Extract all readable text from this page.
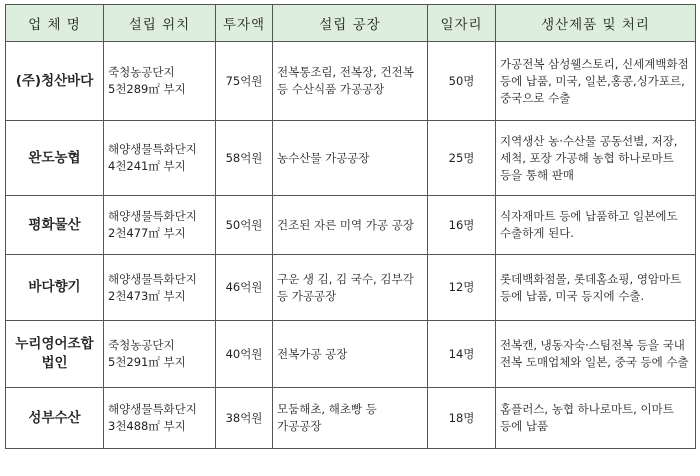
업 체 명	설립 위치	투자액	설립 공장	일자리	생산제품 및 처리
(주)청산바다	죽청농공단지 5천289㎡ 부지	75억원	전복통조림, 전복장, 건전복 등 수산식품 가공공장	50명	가공전복 삼성웰스토리, 신세계백화점 등에 납품, 미국, 일본,홍콩,싱가포르,중국으로 수출
완도농협	해양생물특화단지 4천241㎡ 부지	58억원	농수산물 가공공장	25명	지역생산 농·수산물 공동선별, 저장, 세척, 포장 가공해 농협 하나로마트 등을 통해 판매
평화물산	해양생물특화단지 2천477㎡ 부지	50억원	건조된 자른 미역 가공 공장	16명	식자재마트 등에 납품하고 일본에도 수출하게 된다.
바다향기	해양생물특화단지 2천473㎡ 부지	46억원	구운 생 김, 김 국수, 김부각 등 가공공장	12명	롯데백화점몰, 롯데홈쇼핑, 영암마트 등에 납품, 미국 등지에 수출.
누리영어조합법인	죽청농공단지 5천291㎡ 부지	40억원	전복가공 공장	14명	전복캔, 냉동자숙·스팀전복 등을 국내 전복 도매업체와 일본, 중국 등에 수출
성부수산	해양생물특화단지 3천488㎡ 부지	38억원	모둠해초, 해초빵 등 가공공장	18명	홈플러스, 농협 하나로마트, 이마트 등에 납품
